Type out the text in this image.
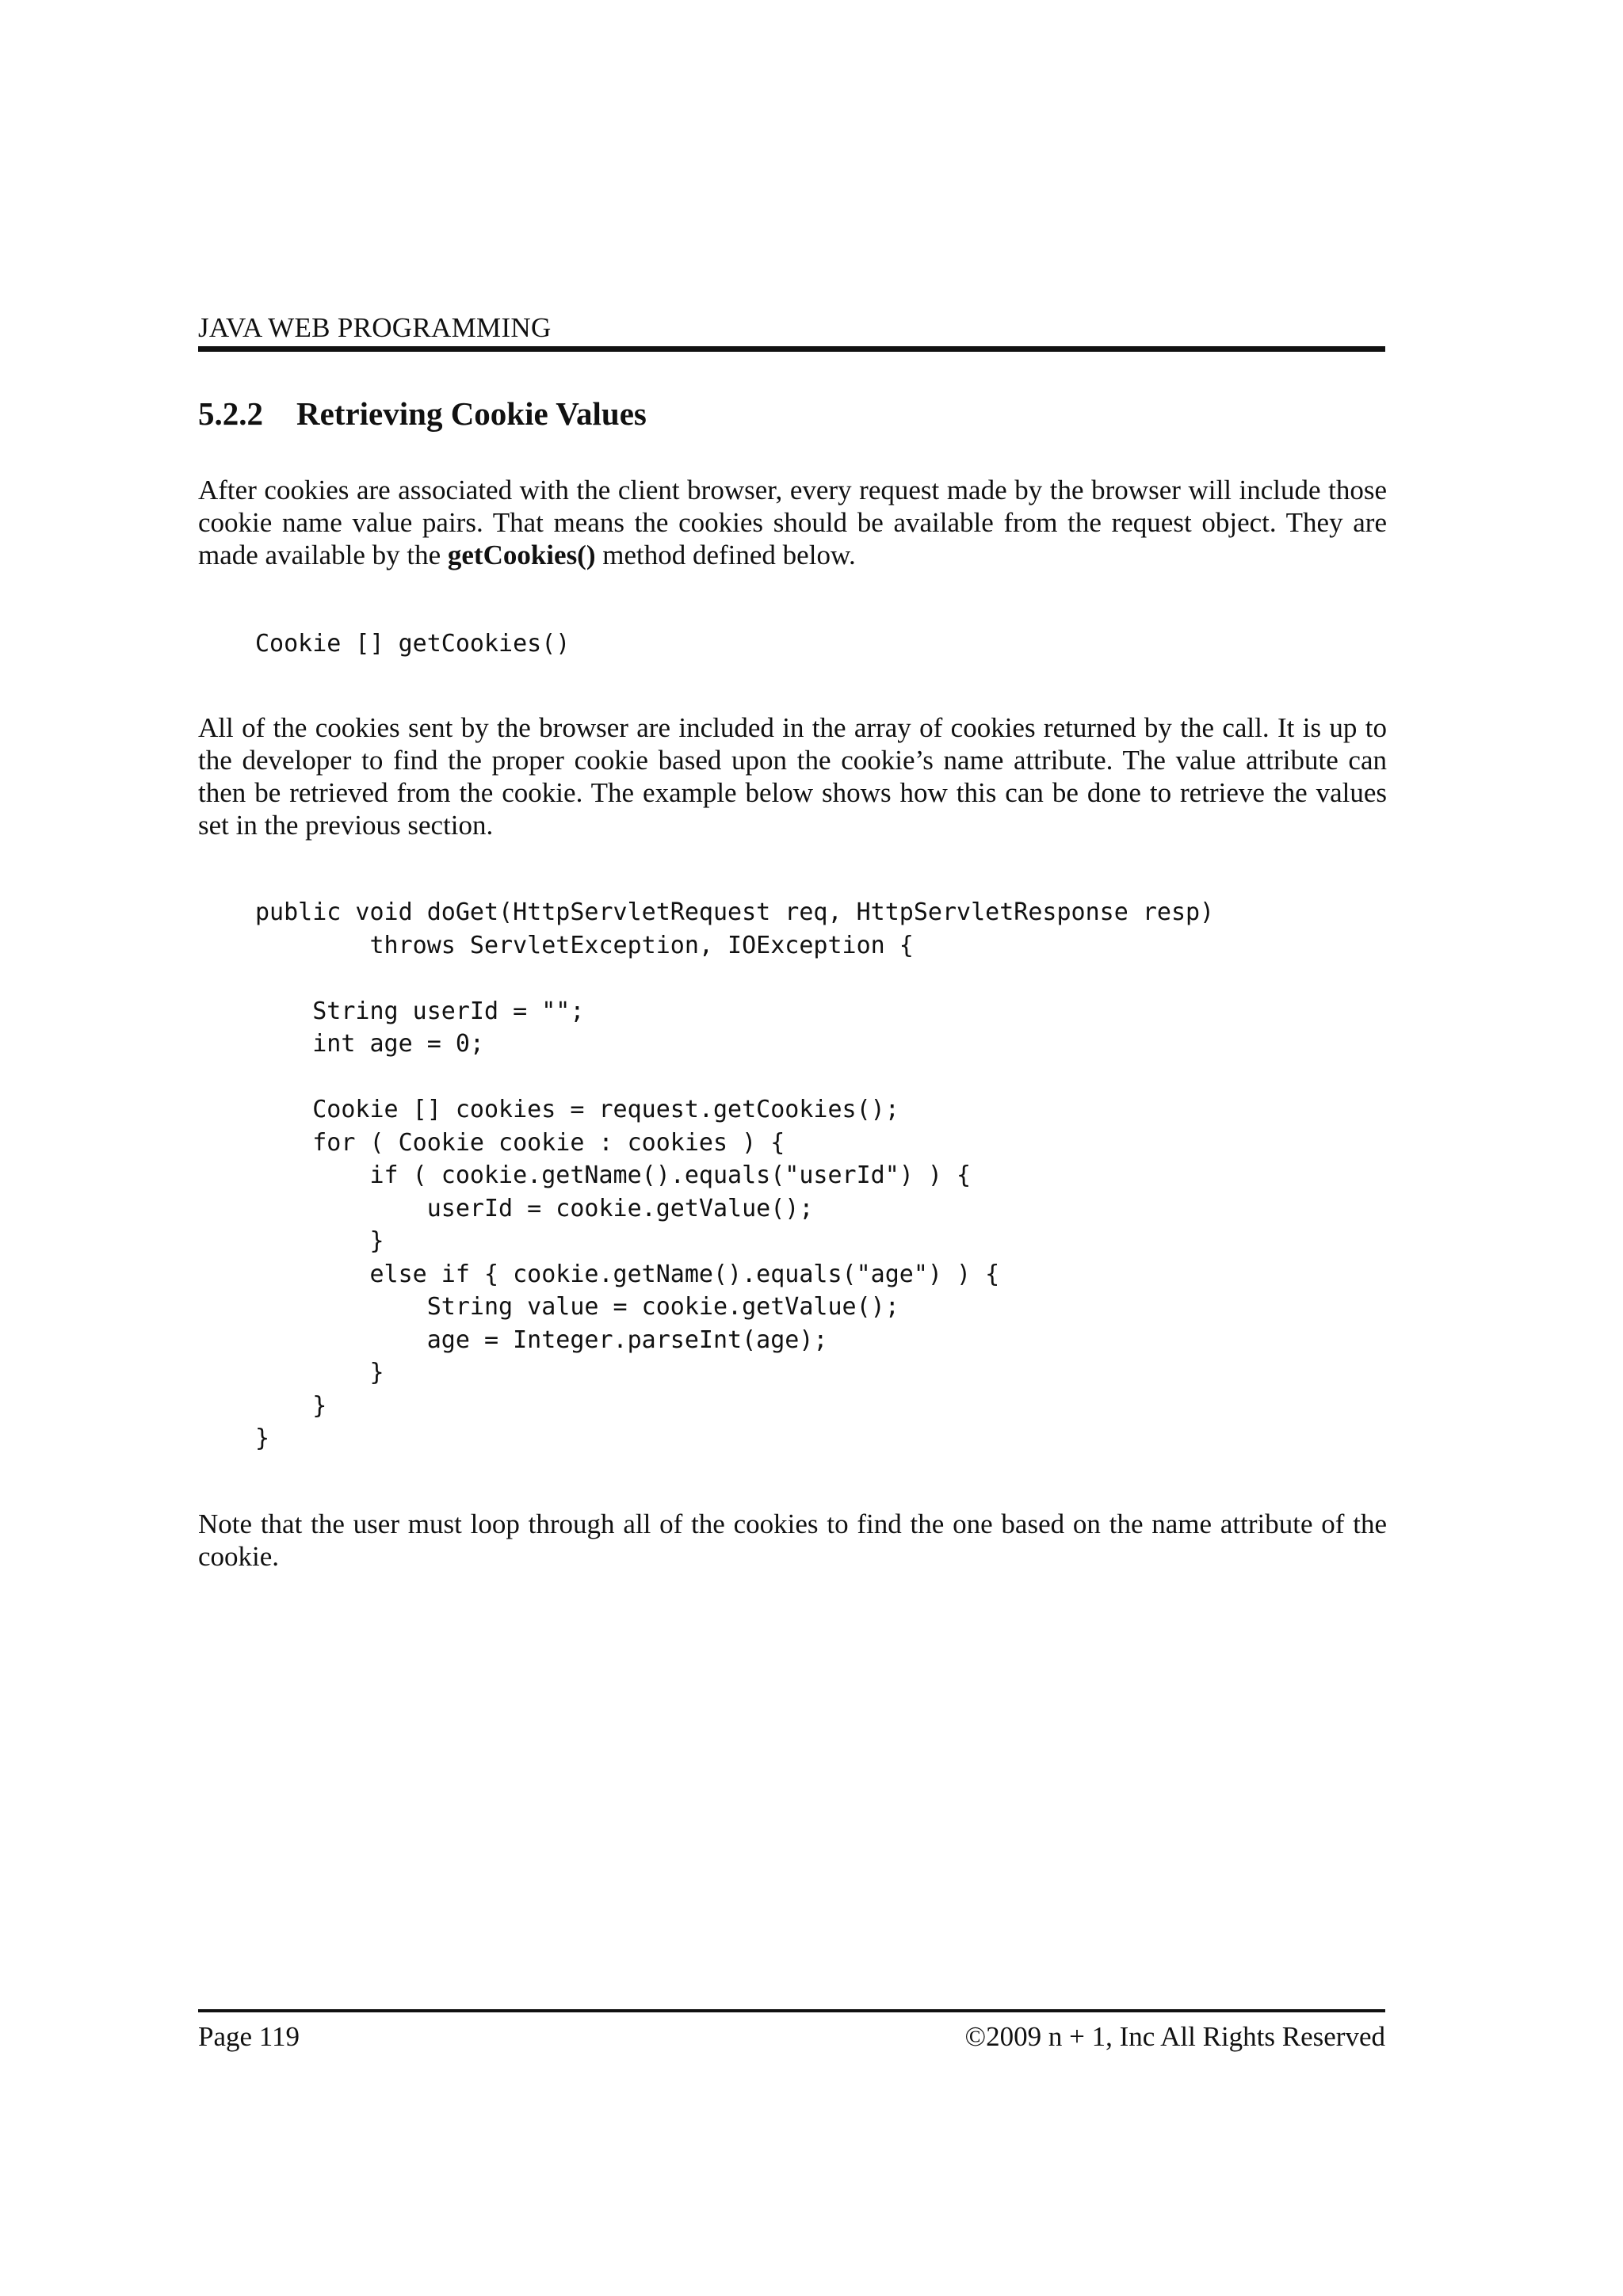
JAVA WEB PROGRAMMING
5.2.2 Retrieving Cookie Values
After cookies are associated with the client browser, every request made by the browser will include those cookie name value pairs. That means the cookies should be available from the request object. They are made available by the getCookies() method defined below.
Cookie [] getCookies()
All of the cookies sent by the browser are included in the array of cookies returned by the call. It is up to the developer to find the proper cookie based upon the cookie’s name attribute. The value attribute can then be retrieved from the cookie. The example below shows how this can be done to retrieve the values set in the previous section.
public void doGet(HttpServletRequest req, HttpServletResponse resp)
throws ServletException, IOException {

String userId = "";
int age = 0;

Cookie [] cookies = request.getCookies();
for ( Cookie cookie : cookies ) {
if ( cookie.getName().equals("userId") ) {
userId = cookie.getValue();
}
else if { cookie.getName().equals("age") ) {
String value = cookie.getValue();
age = Integer.parseInt(age);
}
}
}
Note that the user must loop through all of the cookies to find the one based on the name attribute of the cookie.
Page 119	©2009 n + 1, Inc All Rights Reserved
